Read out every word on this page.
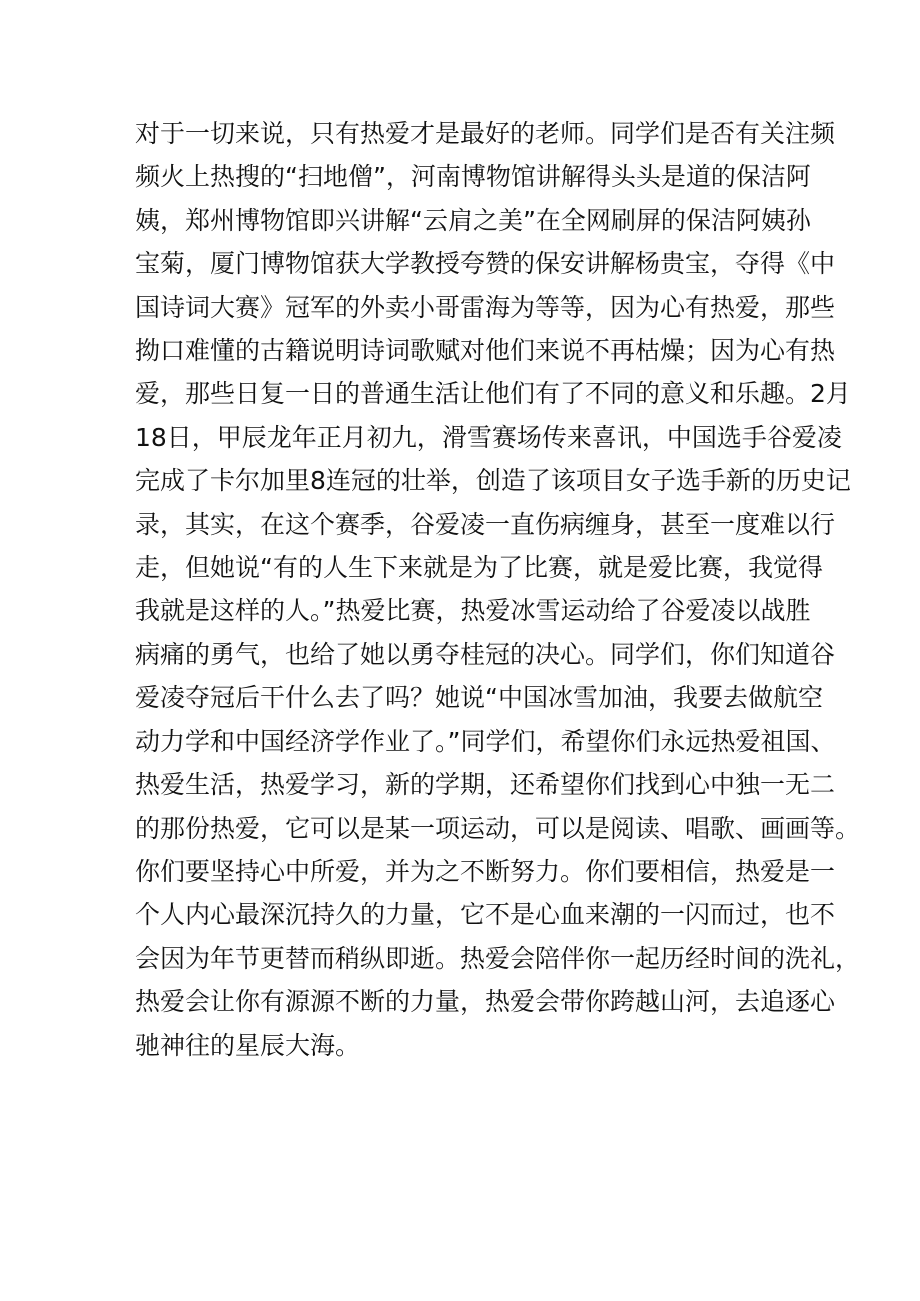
对于一切来说，只有热爱才是最好的老师。同学们是否有关注频
频火上热搜的“扫地僧”，河南博物馆讲解得头头是道的保洁阿
姨，郑州博物馆即兴讲解“云肩之美”在全网刷屏的保洁阿姨孙
宝菊，厦门博物馆获大学教授夸赞的保安讲解杨贵宝，夺得《中
国诗词大赛》冠军的外卖小哥雷海为等等，因为心有热爱，那些
拗口难懂的古籍说明诗词歌赋对他们来说不再枯燥；因为心有热
爱，那些日复一日的普通生活让他们有了不同的意义和乐趣。2月
18日，甲辰龙年正月初九，滑雪赛场传来喜讯，中国选手谷爱凌
完成了卡尔加里8连冠的壮举，创造了该项目女子选手新的历史记
录，其实，在这个赛季，谷爱凌一直伤病缠身，甚至一度难以行
走，但她说“有的人生下来就是为了比赛，就是爱比赛，我觉得
我就是这样的人。”热爱比赛，热爱冰雪运动给了谷爱凌以战胜
病痛的勇气，也给了她以勇夺桂冠的决心。同学们，你们知道谷
爱凌夺冠后干什么去了吗？她说“中国冰雪加油，我要去做航空
动力学和中国经济学作业了。”同学们，希望你们永远热爱祖国、
热爱生活，热爱学习，新的学期，还希望你们找到心中独一无二
的那份热爱，它可以是某一项运动，可以是阅读、唱歌、画画等。
你们要坚持心中所爱，并为之不断努力。你们要相信，热爱是一
个人内心最深沉持久的力量，它不是心血来潮的一闪而过，也不
会因为年节更替而稍纵即逝。热爱会陪伴你一起历经时间的洗礼，
热爱会让你有源源不断的力量，热爱会带你跨越山河，去追逐心
驰神往的星辰大海。
